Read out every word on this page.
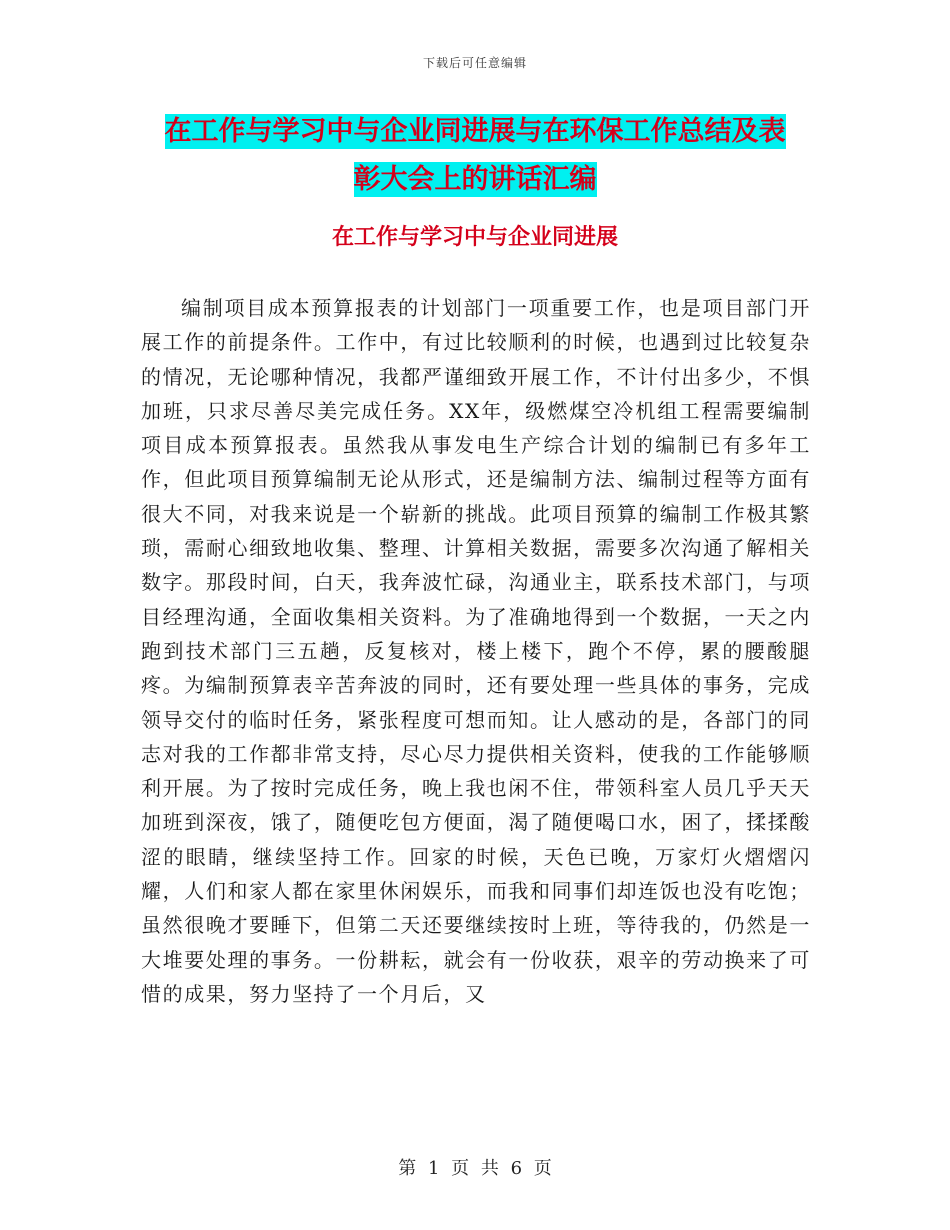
下载后可任意编辑
在工作与学习中与企业同进展与在环保工作总结及表
彰大会上的讲话汇编
在工作与学习中与企业同进展

编制项目成本预算报表的计划部门一项重要工作，也是项目部门开展工作的前提条件。工作中，有过比较顺利的时候，也遇到过比较复杂的情况，无论哪种情况，我都严谨细致开展工作，不计付出多少，不惧加班，只求尽善尽美完成任务。XX年，级燃煤空冷机组工程需要编制项目成本预算报表。虽然我从事发电生产综合计划的编制已有多年工作，但此项目预算编制无论从形式，还是编制方法、编制过程等方面有很大不同，对我来说是一个崭新的挑战。此项目预算的编制工作极其繁琐，需耐心细致地收集、整理、计算相关数据，需要多次沟通了解相关数字。那段时间，白天，我奔波忙碌，沟通业主，联系技术部门，与项目经理沟通，全面收集相关资料。为了准确地得到一个数据，一天之内跑到技术部门三五趟，反复核对，楼上楼下，跑个不停，累的腰酸腿疼。为编制预算表辛苦奔波的同时，还有要处理一些具体的事务，完成领导交付的临时任务，紧张程度可想而知。让人感动的是，各部门的同志对我的工作都非常支持，尽心尽力提供相关资料，使我的工作能够顺利开展。为了按时完成任务，晚上我也闲不住，带领科室人员几乎天天加班到深夜，饿了，随便吃包方便面，渴了随便喝口水，困了，揉揉酸涩的眼睛，继续坚持工作。回家的时候，天色已晚，万家灯火熠熠闪耀，人们和家人都在家里休闲娱乐，而我和同事们却连饭也没有吃饱；虽然很晚才要睡下，但第二天还要继续按时上班，等待我的，仍然是一大堆要处理的事务。一份耕耘，就会有一份收获，艰辛的劳动换来了可惜的成果，努力坚持了一个月后，又

第 1 页 共 6 页
